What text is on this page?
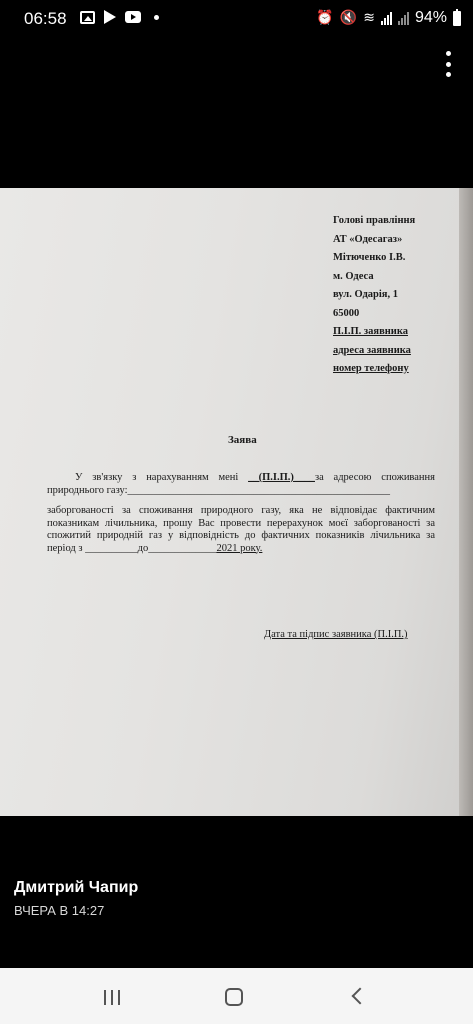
06:58	⏰ 🔇 ≋	94%
Голові правління
АТ «Одесагаз»
Мітюченко І.В.
м. Одеса
вул. Одарія, 1
65000
П.І.П. заявника
адреса заявника
номер телефону
Заява

У зв'язку з нарахуванням мені __(П.І.П.)____за адресою споживання природнього газу:__________________________________________________

заборгованості за споживання природного газу, яка не відповідає фактичним показникам лічильника, прошу Вас провести перерахунок моєї заборгованості за спожитий природній газ у відповідність до фактичних показників лічильника за період з __________до_____________2021 року.

Дата та підпис заявника (П.І.П.)
Дмитрий Чапир
ВЧЕРА В 14:27
